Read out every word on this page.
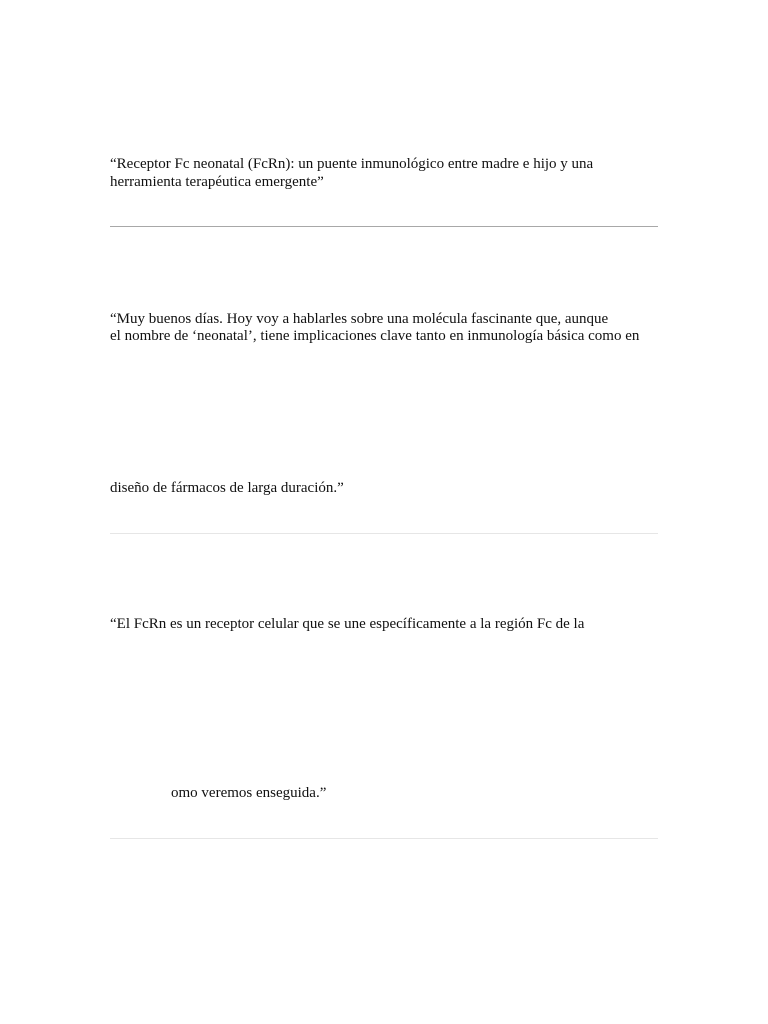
“Receptor Fc neonatal (FcRn): un puente inmunológico entre madre e hijo y una

herramienta terapéutica emergente”

“Muy buenos días. Hoy voy a hablarles sobre una molécula fascinante que, aunque

el nombre de ‘neonatal’, tiene implicaciones clave tanto en inmunología básica como en

diseño de fármacos de larga duración.”

“El FcRn es un receptor celular que se une específicamente a la región Fc de la

omo veremos enseguida.”
